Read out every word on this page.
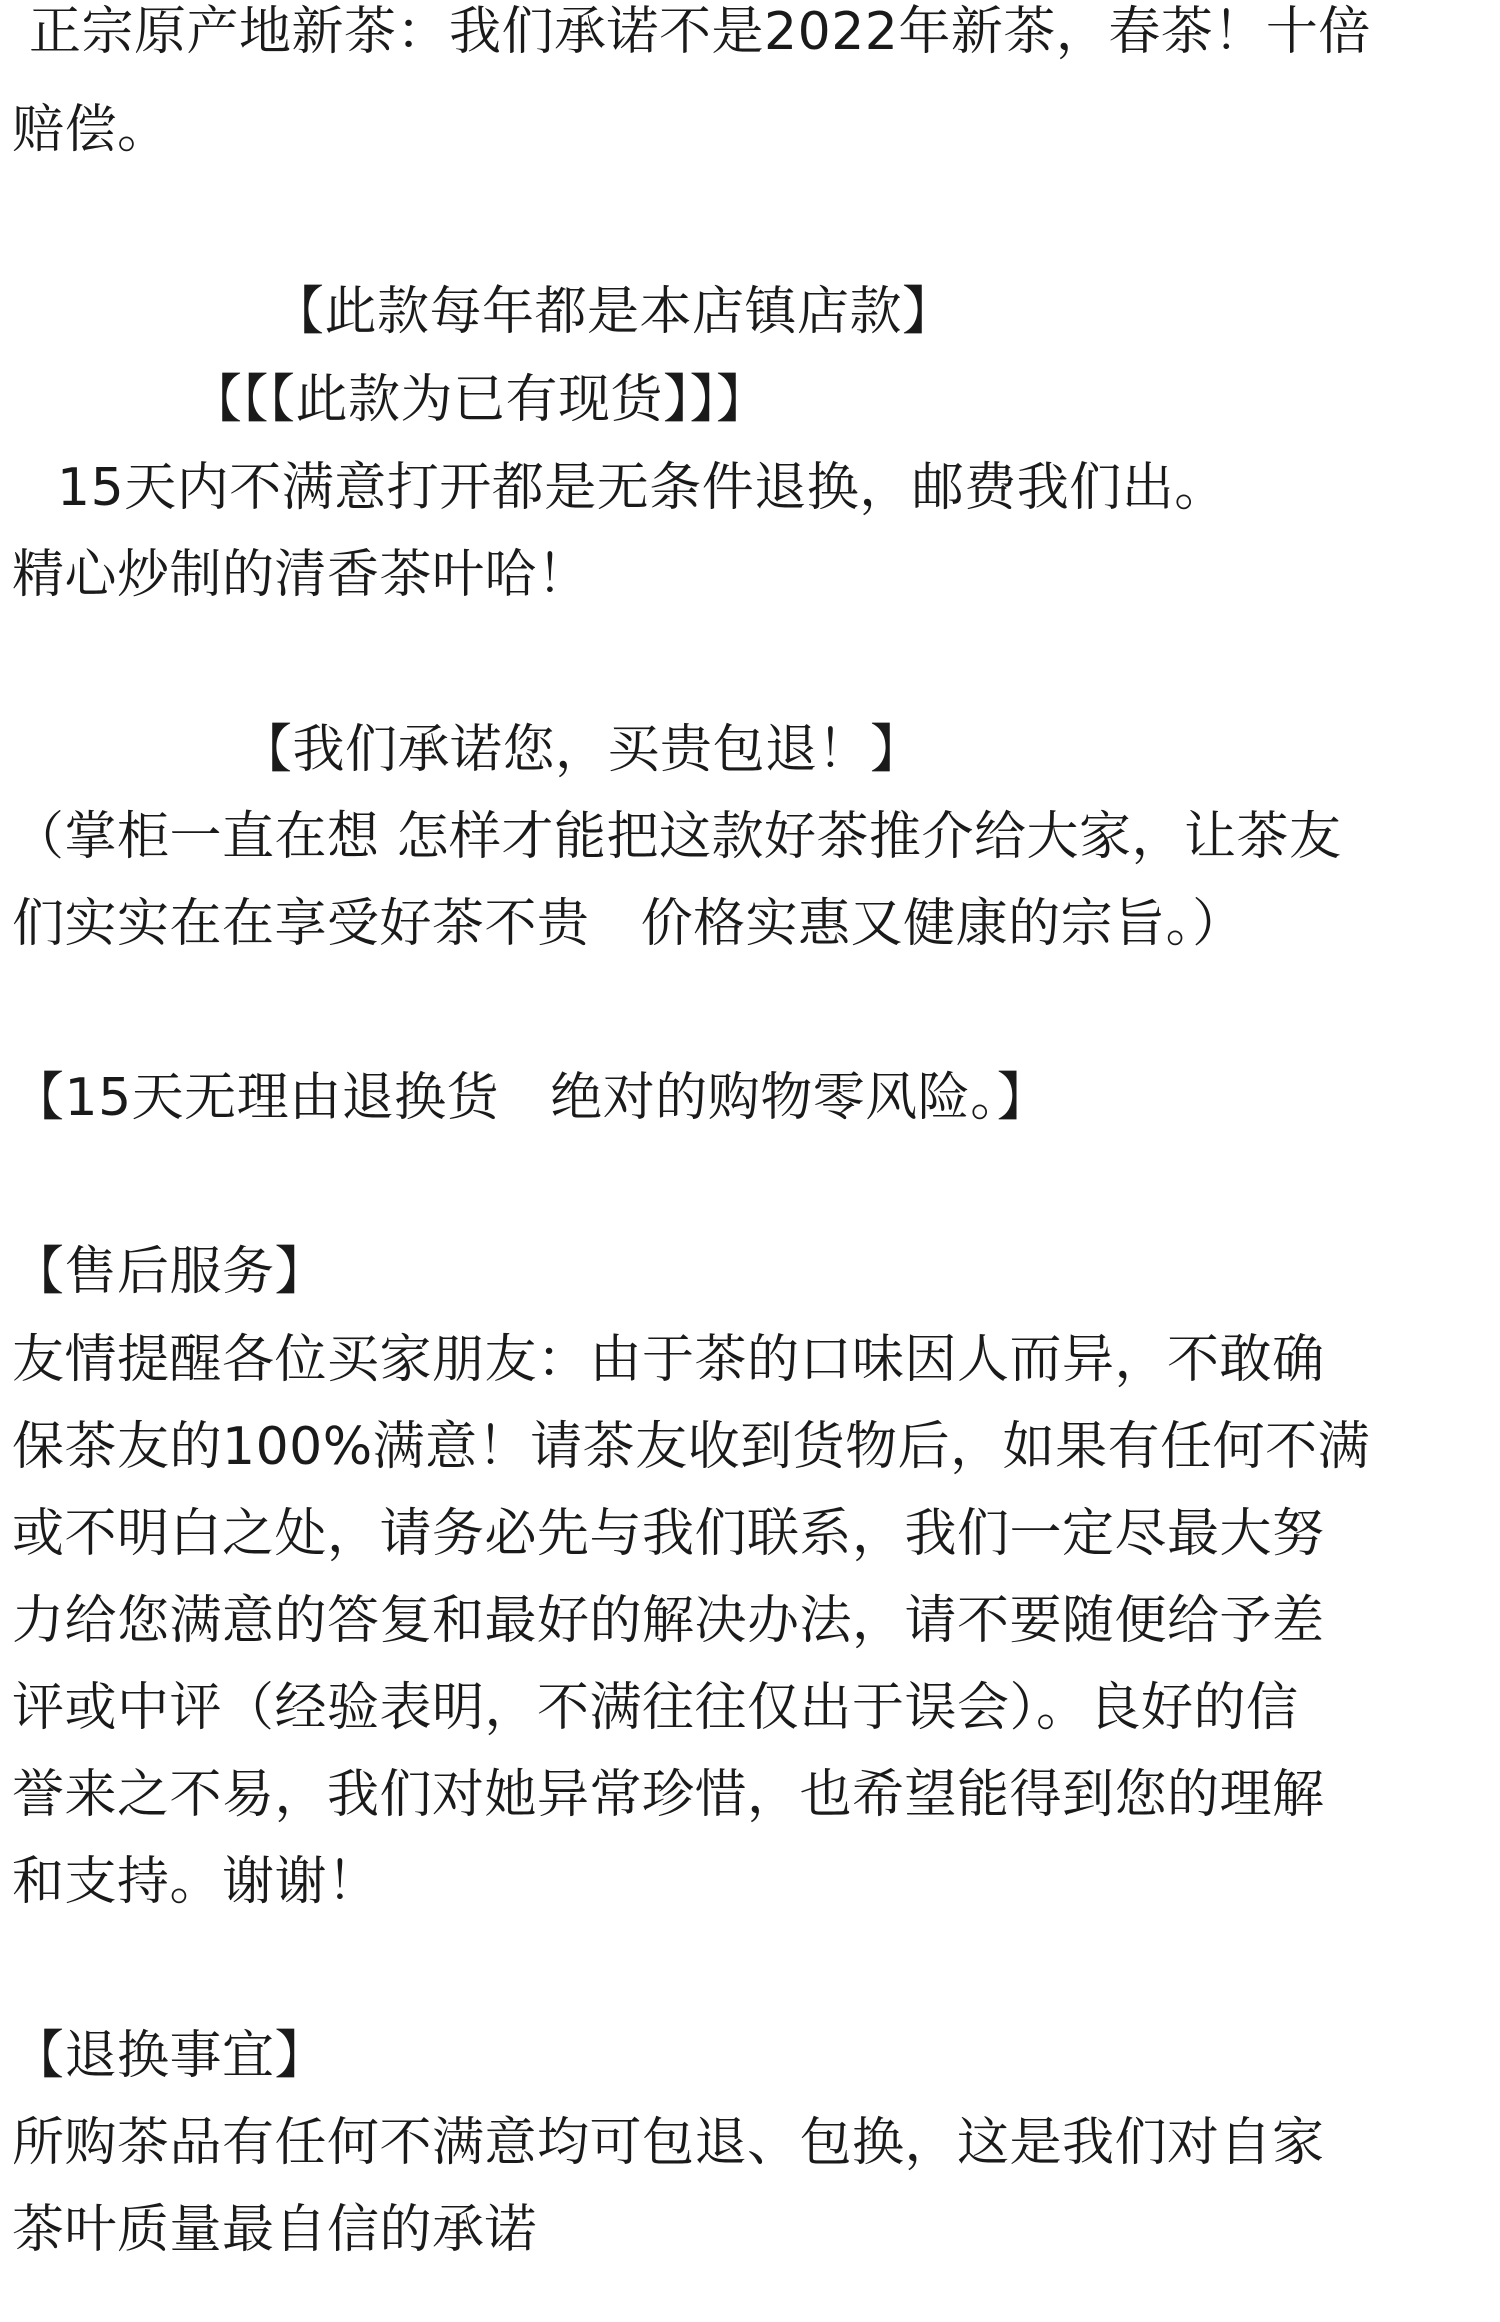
正宗原产地新茶：我们承诺不是2022年新茶，春茶！十倍
赔偿。
【此款每年都是本店镇店款】
【【【此款为已有现货】】】
15天内不满意打开都是无条件退换，邮费我们出。
精心炒制的清香茶叶哈！
【我们承诺您，买贵包退！】
（掌柜一直在想 怎样才能把这款好茶推介给大家，让茶友
们实实在在享受好茶不贵   价格实惠又健康的宗旨。）
【15天无理由退换货   绝对的购物零风险。】
【售后服务】
友情提醒各位买家朋友：由于茶的口味因人而异，不敢确
保茶友的100%满意！请茶友收到货物后，如果有任何不满
或不明白之处，请务必先与我们联系，我们一定尽最大努
力给您满意的答复和最好的解决办法，请不要随便给予差
评或中评（经验表明，不满往往仅出于误会）。良好的信
誉来之不易，我们对她异常珍惜，也希望能得到您的理解
和支持。谢谢！
【退换事宜】
所购茶品有任何不满意均可包退、包换，这是我们对自家
茶叶质量最自信的承诺
